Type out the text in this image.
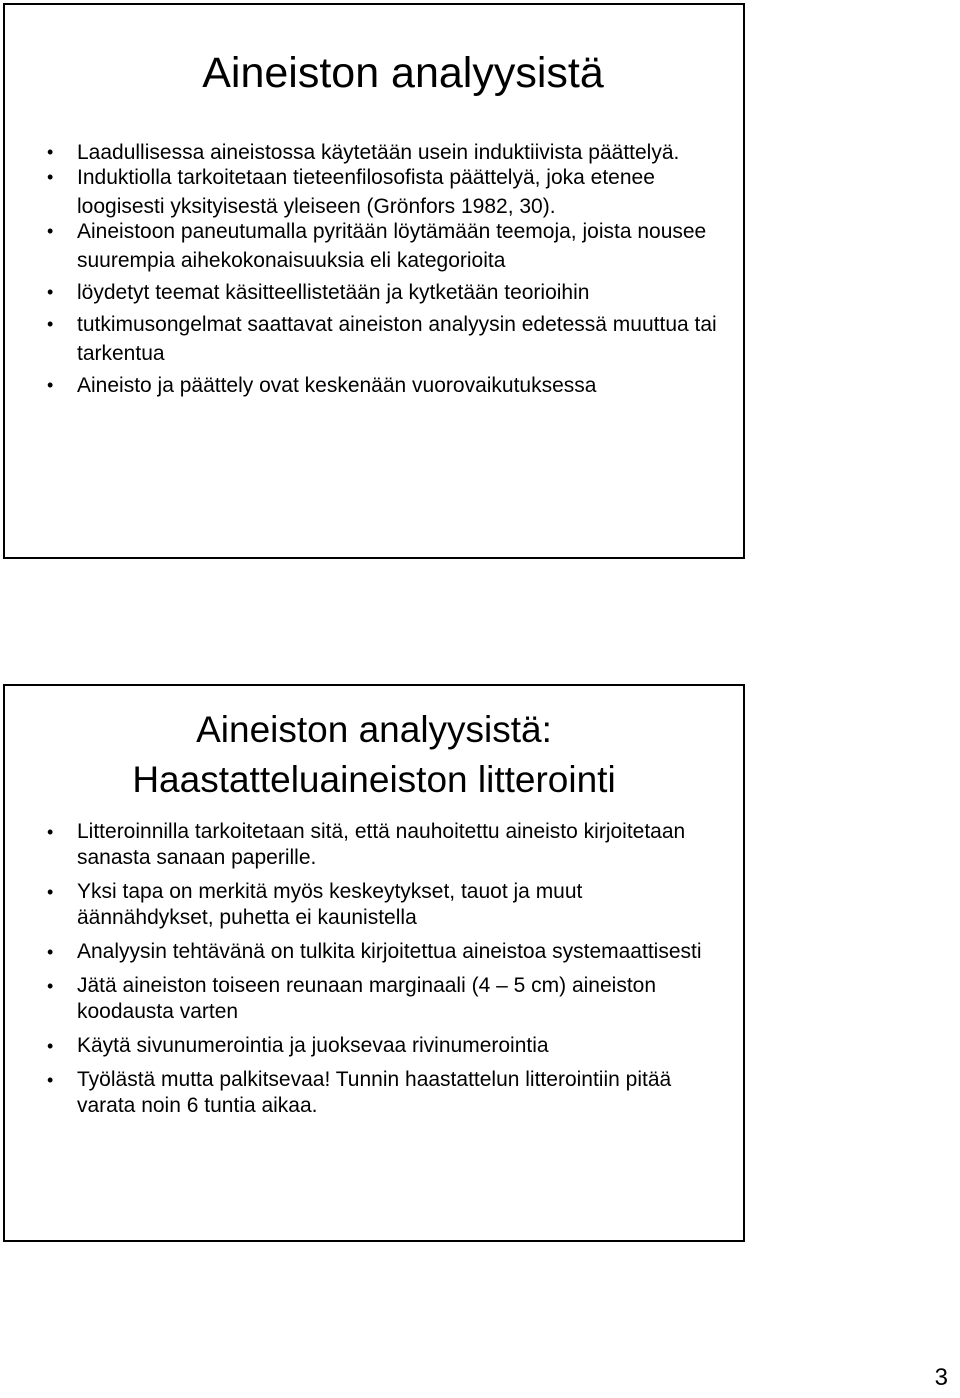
Aineiston analyysistä
• Laadullisessa aineistossa käytetään usein induktiivista päättelyä.
• Induktiolla tarkoitetaan tieteenfilosofista päättelyä, joka etenee loogisesti yksityisestä yleiseen (Grönfors 1982, 30).
• Aineistoon paneutumalla pyritään löytämään teemoja, joista nousee suurempia aihekokonaisuuksia eli kategorioita
• löydetyt teemat käsitteellistetään ja kytketään teorioihin
• tutkimusongelmat saattavat aineiston analyysin edetessä muuttua tai tarkentua
• Aineisto ja päättely ovat keskenään vuorovaikutuksessa
Aineiston analyysistä:
Haastatteluaineiston litterointi
• Litteroinnilla tarkoitetaan sitä, että nauhoitettu aineisto kirjoitetaan sanasta sanaan paperille.
• Yksi tapa on merkitä myös keskeytykset, tauot ja muut äännähdykset, puhetta ei kaunistella
• Analyysin tehtävänä on tulkita kirjoitettua aineistoa systemaattisesti
• Jätä aineiston toiseen reunaan marginaali (4 – 5 cm) aineiston koodausta varten
• Käytä sivunumerointia ja juoksevaa rivinumerointia
• Työlästä mutta palkitsevaa! Tunnin haastattelun litterointiin pitää varata noin 6 tuntia aikaa.
3
